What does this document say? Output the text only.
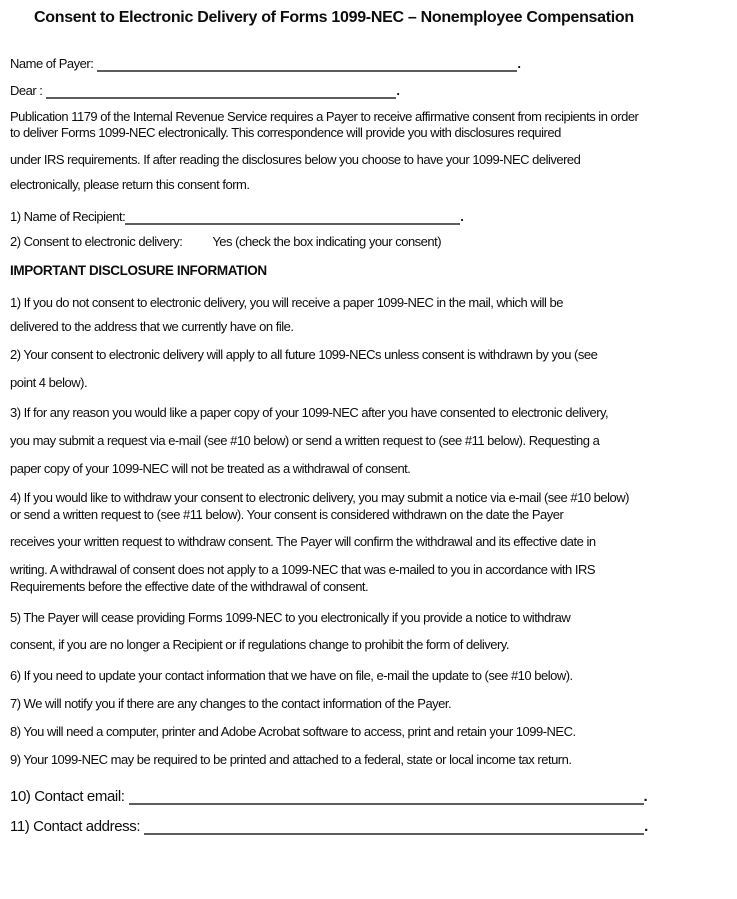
Consent to Electronic Delivery of Forms 1099-NEC – Nonemployee Compensation
Name of Payer:	.
Dear :	.
Publication 1179 of the Internal Revenue Service requires a Payer to receive affirmative consent from recipients in order
to deliver Forms 1099-NEC electronically. This correspondence will provide you with disclosures required
under IRS requirements. If after reading the disclosures below you choose to have your 1099-NEC delivered
electronically, please return this consent form.
1) Name of Recipient:	.
2) Consent to electronic delivery: Yes (check the box indicating your consent)
IMPORTANT DISCLOSURE INFORMATION
1) If you do not consent to electronic delivery, you will receive a paper 1099-NEC in the mail, which will be
delivered to the address that we currently have on file.
2) Your consent to electronic delivery will apply to all future 1099-NECs unless consent is withdrawn by you (see
point 4 below).
3) If for any reason you would like a paper copy of your 1099-NEC after you have consented to electronic delivery,
you may submit a request via e-mail (see #10 below) or send a written request to (see #11 below). Requesting a
paper copy of your 1099-NEC will not be treated as a withdrawal of consent.
4) If you would like to withdraw your consent to electronic delivery, you may submit a notice via e-mail (see #10 below)
or send a written request to (see #11 below). Your consent is considered withdrawn on the date the Payer
receives your written request to withdraw consent. The Payer will confirm the withdrawal and its effective date in
writing. A withdrawal of consent does not apply to a 1099-NEC that was e-mailed to you in accordance with IRS
Requirements before the effective date of the withdrawal of consent.
5) The Payer will cease providing Forms 1099-NEC to you electronically if you provide a notice to withdraw
consent, if you are no longer a Recipient or if regulations change to prohibit the form of delivery.
6) If you need to update your contact information that we have on file, e-mail the update to (see #10 below).
7) We will notify you if there are any changes to the contact information of the Payer.
8) You will need a computer, printer and Adobe Acrobat software to access, print and retain your 1099-NEC.
9) Your 1099-NEC may be required to be printed and attached to a federal, state or local income tax return.
10) Contact email:	.
11) Contact address:	.
